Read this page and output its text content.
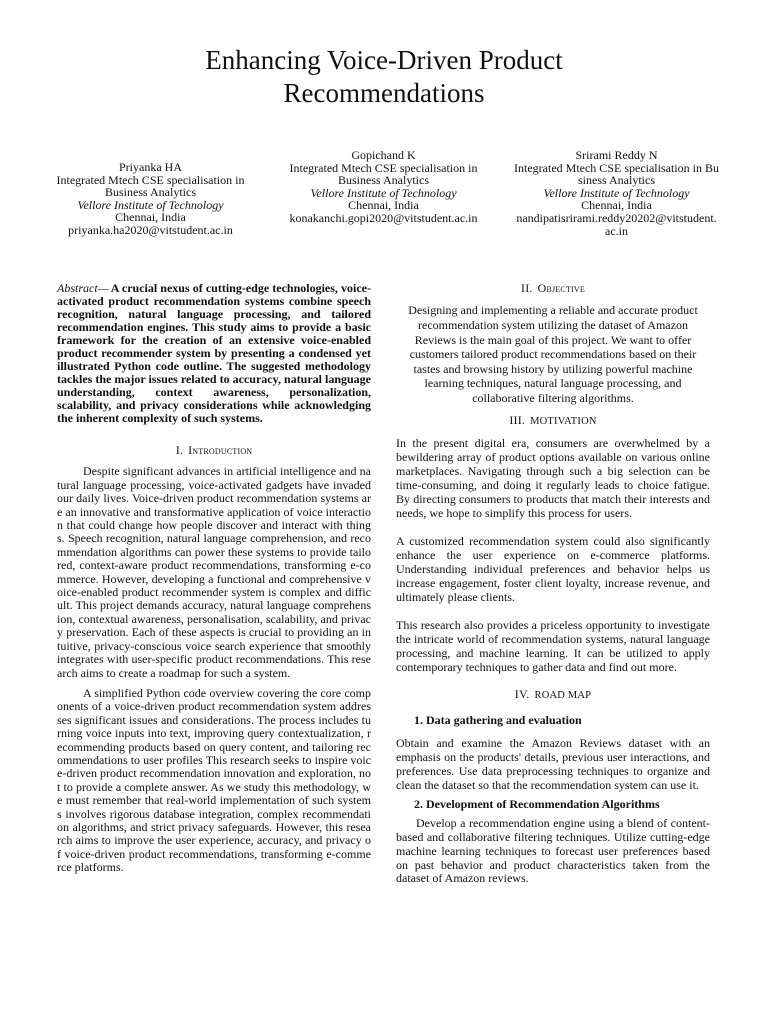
Enhancing Voice-Driven Product Recommendations
Priyanka HA
Integrated Mtech CSE specialisation in Business Analytics
Vellore Institute of Technology
Chennai, India
priyanka.ha2020@vitstudent.ac.in
Gopichand K
Integrated Mtech CSE specialisation in Business Analytics
Vellore Institute of Technology
Chennai, India
konakanchi.gopi2020@vitstudent.ac.in
Srirami Reddy N
Integrated Mtech CSE specialisation in Business Analytics
Vellore Institute of Technology
Chennai, India
nandipatisrirami.reddy20202@vitstudent.ac.in

Abstract— A crucial nexus of cutting-edge technologies, voice-activated product recommendation systems combine speech recognition, natural language processing, and tailored recommendation engines. This study aims to provide a basic framework for the creation of an extensive voice-enabled product recommender system by presenting a condensed yet illustrated Python code outline. The suggested methodology tackles the major issues related to accuracy, natural language understanding, context awareness, personalization, scalability, and privacy considerations while acknowledging the inherent complexity of such systems.

I. Introduction

Despite significant advances in artificial intelligence and natural language processing, voice-activated gadgets have invaded our daily lives. Voice-driven product recommendation systems are an innovative and transformative application of voice interaction that could change how people discover and interact with things. Speech recognition, natural language comprehension, and recommendation algorithms can power these systems to provide tailored, context-aware product recommendations, transforming e-commerce. However, developing a functional and comprehensive voice-enabled product recommender system is complex and difficult. This project demands accuracy, natural language comprehension, contextual awareness, personalisation, scalability, and privacy preservation. Each of these aspects is crucial to providing an intuitive, privacy-conscious voice search experience that smoothly integrates with user-specific product recommendations. This research aims to create a roadmap for such a system.

A simplified Python code overview covering the core components of a voice-driven product recommendation system addresses significant issues and considerations. The process includes turning voice inputs into text, improving query contextualization, recommending products based on query content, and tailoring recommendations to user profiles This research seeks to inspire voice-driven product recommendation innovation and exploration, not to provide a complete answer. As we study this methodology, we must remember that real-world implementation of such systems involves rigorous database integration, complex recommendation algorithms, and strict privacy safeguards. However, this research aims to improve the user experience, accuracy, and privacy of voice-driven product recommendations, transforming e-commerce platforms.

II. Objective

Designing and implementing a reliable and accurate product recommendation system utilizing the dataset of Amazon Reviews is the main goal of this project. We want to offer customers tailored product recommendations based on their tastes and browsing history by utilizing powerful machine learning techniques, natural language processing, and collaborative filtering algorithms.

III. MOTIVATION

In the present digital era, consumers are overwhelmed by a bewildering array of product options available on various online marketplaces. Navigating through such a big selection can be time-consuming, and doing it regularly leads to choice fatigue. By directing consumers to products that match their interests and needs, we hope to simplify this process for users.

A customized recommendation system could also significantly enhance the user experience on e-commerce platforms. Understanding individual preferences and behavior helps us increase engagement, foster client loyalty, increase revenue, and ultimately please clients.

This research also provides a priceless opportunity to investigate the intricate world of recommendation systems, natural language processing, and machine learning. It can be utilized to apply contemporary techniques to gather data and find out more.

IV. ROAD MAP
1. Data gathering and evaluation

Obtain and examine the Amazon Reviews dataset with an emphasis on the products' details, previous user interactions, and preferences. Use data preprocessing techniques to organize and clean the dataset so that the recommendation system can use it.

2. Development of Recommendation Algorithms

Develop a recommendation engine using a blend of content-based and collaborative filtering techniques. Utilize cutting-edge machine learning techniques to forecast user preferences based on past behavior and product characteristics taken from the dataset of Amazon reviews.
